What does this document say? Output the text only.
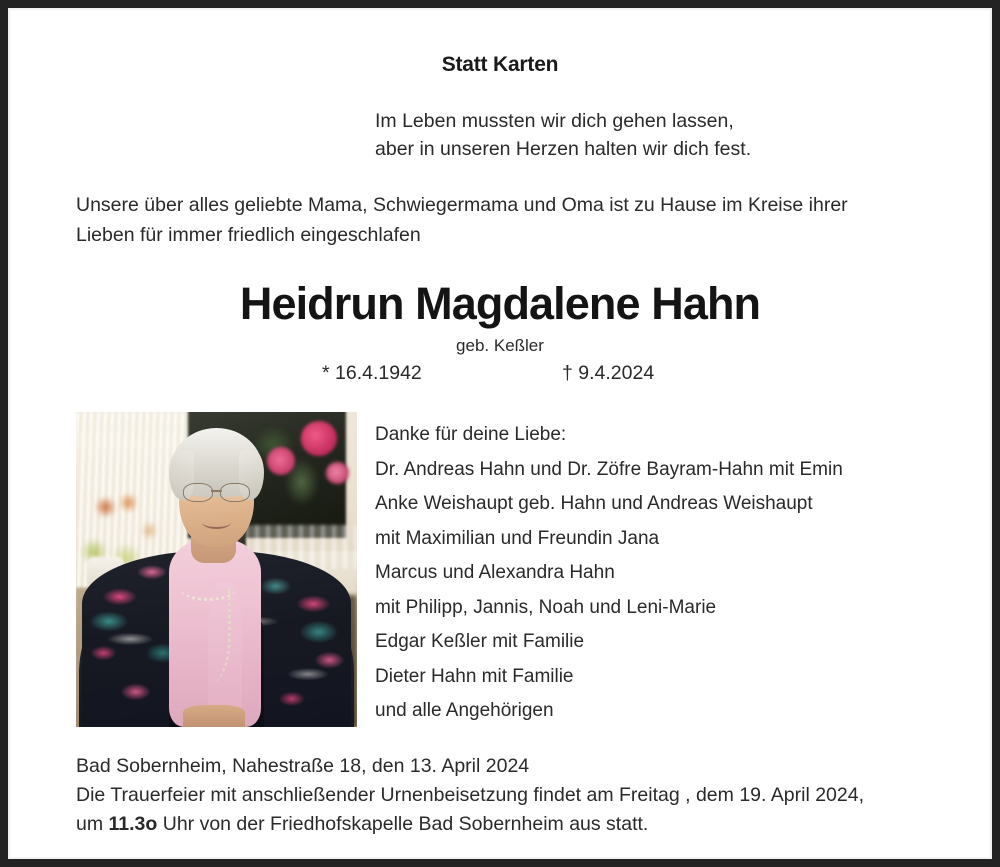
Statt Karten
Im Leben mussten wir dich gehen lassen,
aber in unseren Herzen halten wir dich fest.
Unsere über alles geliebte Mama, Schwiegermama und Oma ist zu Hause im Kreise ihrer
Lieben für immer friedlich eingeschlafen
Heidrun Magdalene Hahn
geb. Keßler
* 16.4.1942	† 9.4.2024
Danke für deine Liebe:
Dr. Andreas Hahn und Dr. Zöfre Bayram-Hahn mit Emin
Anke Weishaupt geb. Hahn und Andreas Weishaupt
mit Maximilian und Freundin Jana
Marcus und Alexandra Hahn
mit Philipp, Jannis, Noah und Leni-Marie
Edgar Keßler mit Familie
Dieter Hahn mit Familie
und alle Angehörigen
Bad Sobernheim, Nahestraße 18, den 13. April 2024
Die Trauerfeier mit anschließender Urnenbeisetzung findet am Freitag , dem 19. April 2024,
um 11.3o Uhr von der Friedhofskapelle Bad Sobernheim aus statt.
